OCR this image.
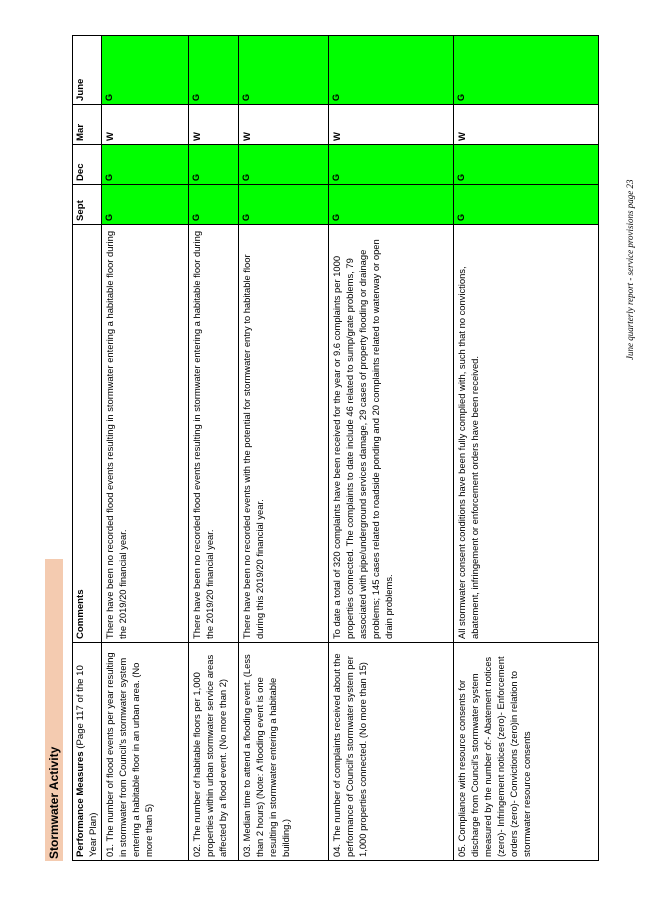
Stormwater Activity Performance Measures (Page 117 of the 10 Year Plan)	Comments	Sept	Dec	Mar	June
01. The number of flood events per year resulting in stormwater from Council's stormwater system entering a habitable floor in an urban area. (No more than 5)	There have been no recorded flood events resulting in stormwater entering a habitable floor during the 2019/20 financial year.	G	G	W	G
02. The number of habitable floors per 1,000 properties within urban stormwater service areas affected by a flood event. (No more than 2)	There have been no recorded flood events resulting in stormwater entering a habitable floor during the 2019/20 financial year.	G	G	W	G
03. Median time to attend a flooding event. (Less than 2 hours) (Note: A flooding event is one resulting in stormwater entering a habitable building.)	There have been no recorded events with the potential for stormwater entry to habitable floor during this 2019/20 financial year.	G	G	W	G
04. The number of complaints received about the performance of Council's stormwater system per 1,000 properties connected. (No more than 15)	To date a total of 320 complaints have been received for the year or 9.6 complaints per 1000 properties connected. The complaints to date include 46 related to sump/grate problems, 79 associated with pipe/underground services damage, 29 cases of property flooding or drainage problems; 145 cases related to roadside ponding and 20 complaints related to waterway or open drain problems.	G	G	W	G
05. Compliance with resource consents for discharge from Council's stormwater system measured by the number of:- Abatement notices (zero)- Infringement notices (zero)- Enforcement orders (zero)- Convictions (zero)in relation to stormwater resource consents	All stormwater consent conditions have been fully complied with, such that no convictions, abatement, infringement or enforcement orders have been received.	G	G	W	G
June quarterly report - service provisions page 23
